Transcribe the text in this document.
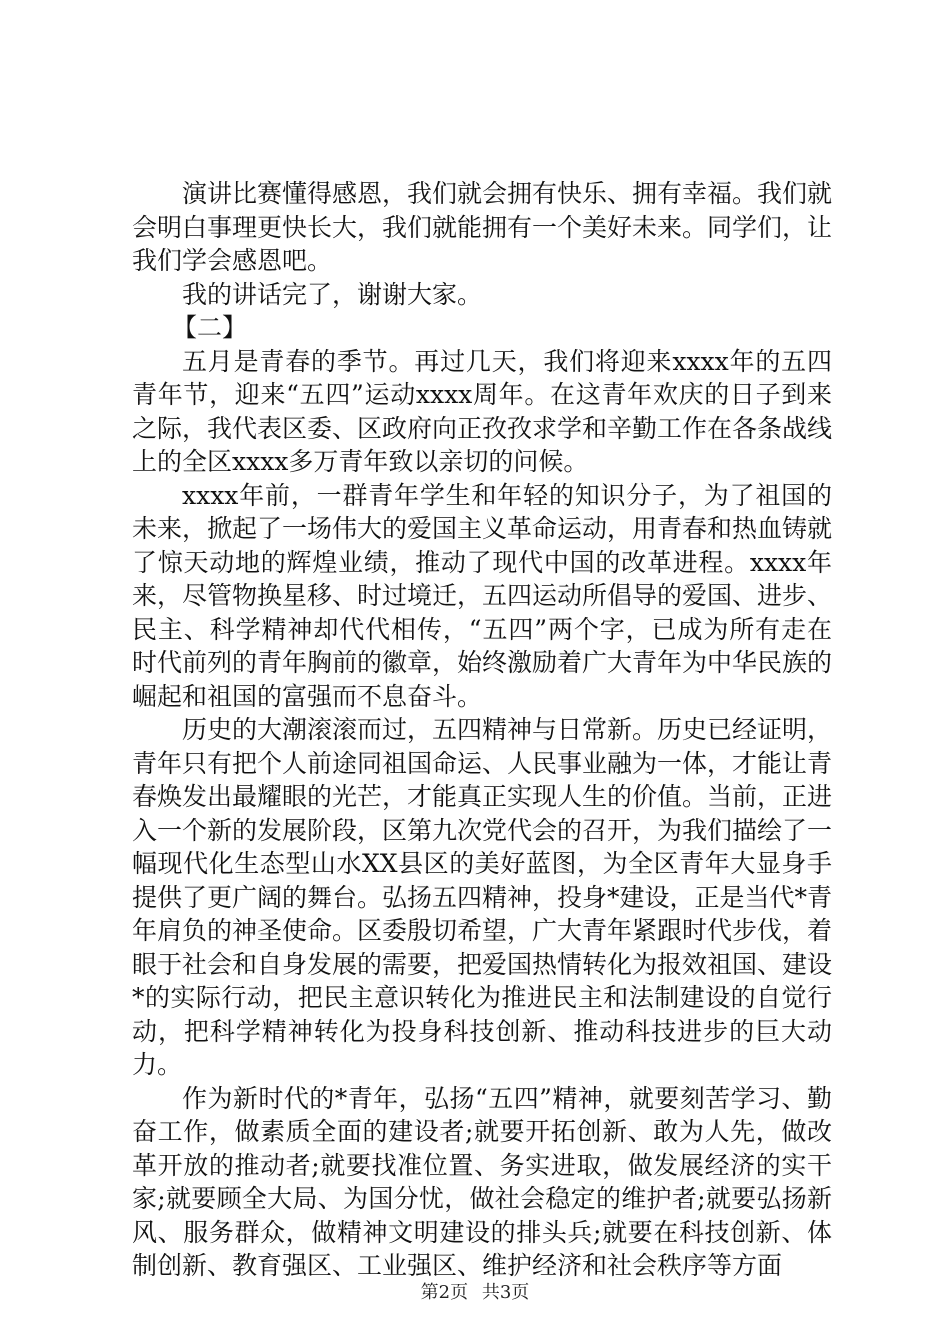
演讲比赛懂得感恩，我们就会拥有快乐、拥有幸福。我们就会明白事理更快长大，我们就能拥有一个美好未来。同学们，让我们学会感恩吧。

我的讲话完了，谢谢大家。

【二】

五月是青春的季节。再过几天，我们将迎来xxxx年的五四青年节，迎来“五四”运动xxxx周年。在这青年欢庆的日子到来之际，我代表区委、区政府向正孜孜求学和辛勤工作在各条战线上的全区xxxx多万青年致以亲切的问候。

xxxx年前，一群青年学生和年轻的知识分子，为了祖国的未来，掀起了一场伟大的爱国主义革命运动，用青春和热血铸就了惊天动地的辉煌业绩，推动了现代中国的改革进程。xxxx年来，尽管物换星移、时过境迁，五四运动所倡导的爱国、进步、民主、科学精神却代代相传，“五四”两个字，已成为所有走在时代前列的青年胸前的徽章，始终激励着广大青年为中华民族的崛起和祖国的富强而不息奋斗。

历史的大潮滚滚而过，五四精神与日常新。历史已经证明，青年只有把个人前途同祖国命运、人民事业融为一体，才能让青春焕发出最耀眼的光芒，才能真正实现人生的价值。当前，正进入一个新的发展阶段，区第九次党代会的召开，为我们描绘了一幅现代化生态型山水XX县区的美好蓝图，为全区青年大显身手提供了更广阔的舞台。弘扬五四精神，投身*建设，正是当代*青年肩负的神圣使命。区委殷切希望，广大青年紧跟时代步伐，着眼于社会和自身发展的需要，把爱国热情转化为报效祖国、建设*的实际行动，把民主意识转化为推进民主和法制建设的自觉行动，把科学精神转化为投身科技创新、推动科技进步的巨大动力。

作为新时代的*青年，弘扬“五四”精神，就要刻苦学习、勤奋工作，做素质全面的建设者;就要开拓创新、敢为人先，做改革开放的推动者;就要找准位置、务实进取，做发展经济的实干家;就要顾全大局、为国分忧，做社会稳定的维护者;就要弘扬新风、服务群众，做精神文明建设的排头兵;就要在科技创新、体制创新、教育强区、工业强区、维护经济和社会秩序等方面

第2页 共3页
